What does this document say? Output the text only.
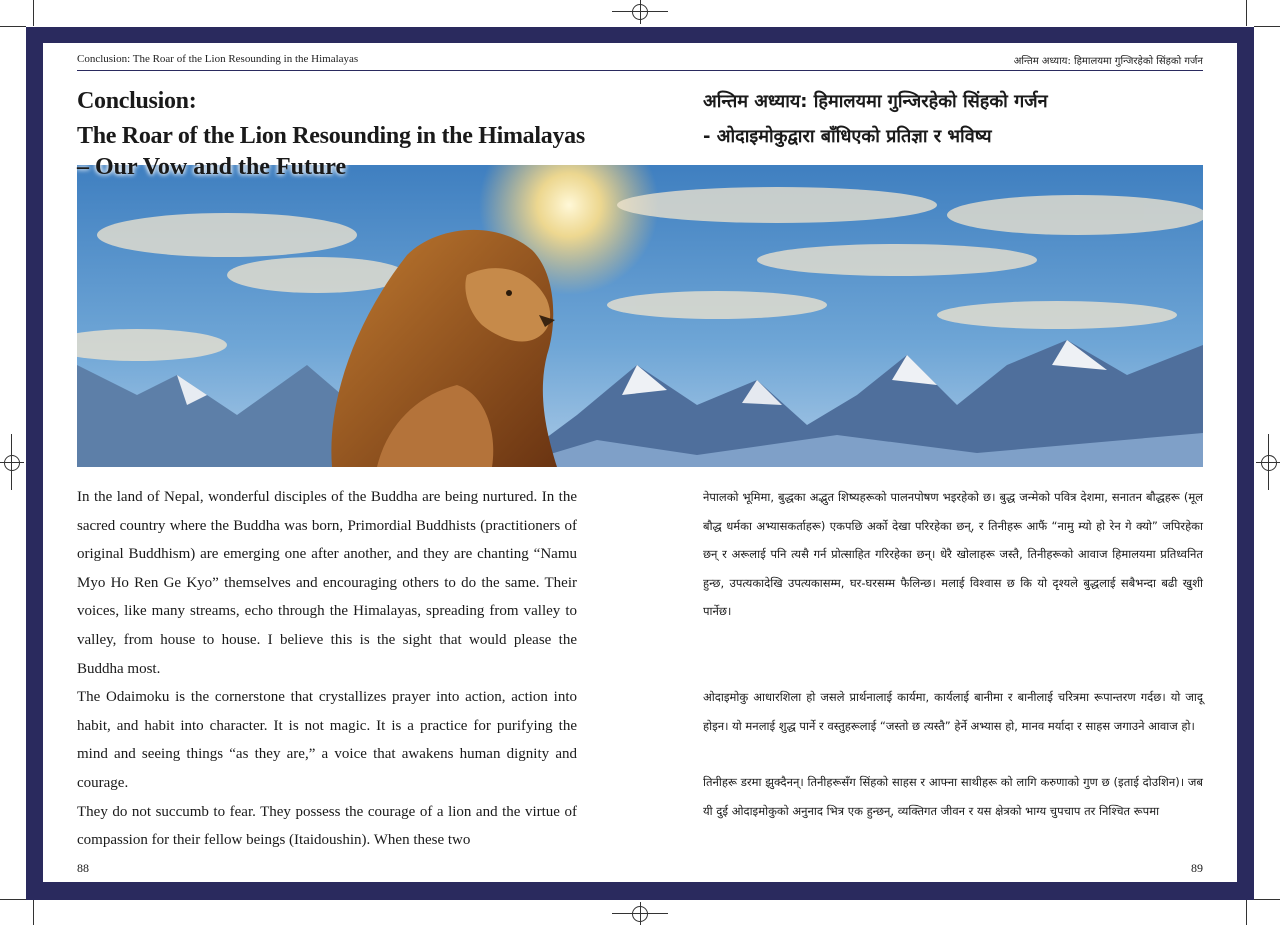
Conclusion: The Roar of the Lion Resounding in the Himalayas	अन्तिम अध्याय: हिमालयमा गुन्जिरहेको सिंहको गर्जन
Conclusion:
The Roar of the Lion Resounding in the Himalayas
अन्तिम अध्याय: हिमालयमा गुन्जिरहेको सिंहको गर्जन
- ओदाइमोकुद्वारा बाँधिएको प्रतिज्ञा र भविष्य
– Our Vow and the Future

In the land of Nepal, wonderful disciples of the Buddha are being nurtured. In the sacred country where the Buddha was born, Primordial Buddhists (practitioners of original Buddhism) are emerging one after another, and they are chanting “Namu Myo Ho Ren Ge Kyo” themselves and encouraging others to do the same. Their voices, like many streams, echo through the Himalayas, spreading from valley to valley, from house to house. I believe this is the sight that would please the Buddha most.

The Odaimoku is the cornerstone that crystallizes prayer into action, action into habit, and habit into character. It is not magic. It is a practice for purifying the mind and seeing things “as they are,” a voice that awakens human dignity and courage.

They do not succumb to fear. They possess the courage of a lion and the virtue of compassion for their fellow beings (Itaidoushin). When these two

नेपालको भूमिमा, बुद्धका अद्भुत शिष्यहरूको पालनपोषण भइरहेको छ। बुद्ध जन्मेको पवित्र देशमा, सनातन बौद्धहरू (मूल बौद्ध धर्मका अभ्यासकर्ताहरू) एकपछि अर्को देखा परिरहेका छन्, र तिनीहरू आफैं “नामु म्यो हो रेन गे क्यो” जपिरहेका छन् र अरूलाई पनि त्यसै गर्न प्रोत्साहित गरिरहेका छन्। धेरै खोलाहरू जस्तै, तिनीहरूको आवाज हिमालयमा प्रतिध्वनित हुन्छ, उपत्यकादेखि उपत्यकासम्म, घर-घरसम्म फैलिन्छ। मलाई विश्वास छ कि यो दृश्यले बुद्धलाई सबैभन्दा बढी खुशी पार्नेछ।

ओदाइमोकु आधारशिला हो जसले प्रार्थनालाई कार्यमा, कार्यलाई बानीमा र बानीलाई चरित्रमा रूपान्तरण गर्दछ। यो जादू होइन। यो मनलाई शुद्ध पार्ने र वस्तुहरूलाई “जस्तो छ त्यस्तै” हेर्ने अभ्यास हो, मानव मर्यादा र साहस जगाउने आवाज हो।

तिनीहरू डरमा झुक्दैनन्। तिनीहरूसँग सिंहको साहस र आफ्ना साथीहरू को लागि करुणाको गुण छ (इताई दोउशिन)। जब यी दुई ओदाइमोकुको अनुनाद भित्र एक हुन्छन्, व्यक्तिगत जीवन र यस क्षेत्रको भाग्य चुपचाप तर निश्चित रूपमा

88	89
